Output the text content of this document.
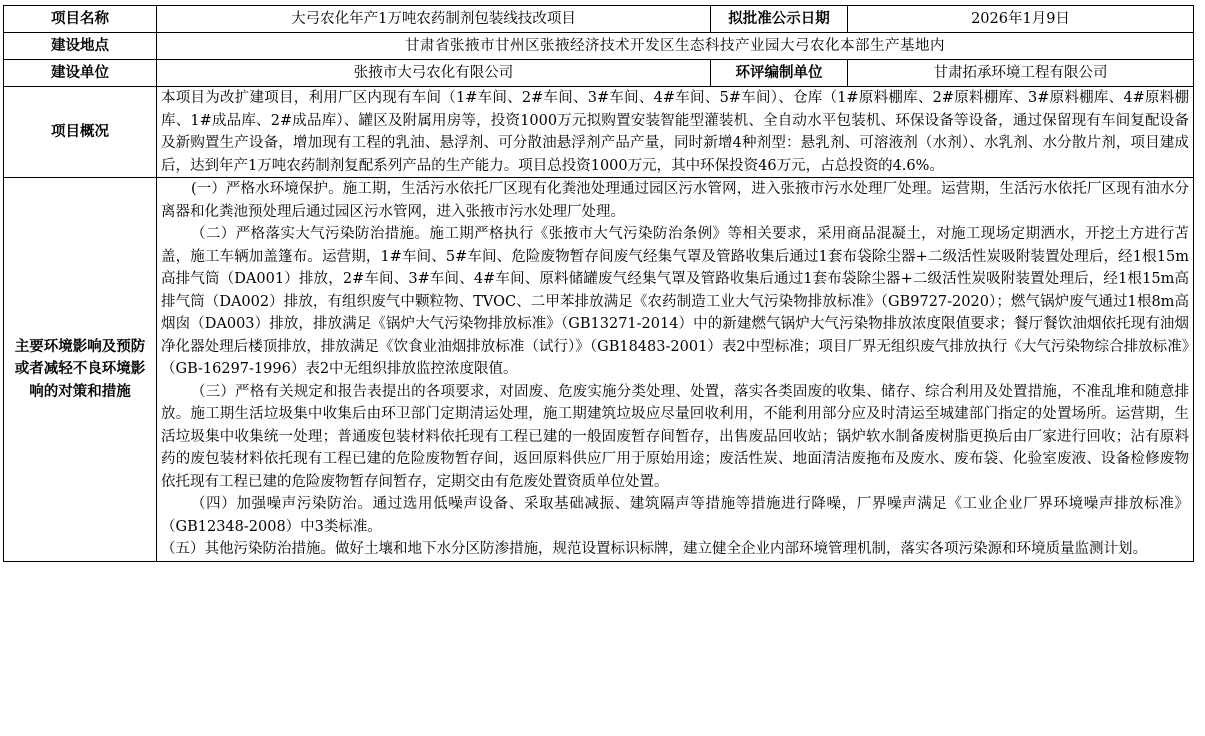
项目名称	大弓农化年产1万吨农药制剂包装线技改项目	拟批准公示日期	2026年1月9日
建设地点	甘肃省张掖市甘州区张掖经济技术开发区生态科技产业园大弓农化本部生产基地内		
建设单位	张掖市大弓农化有限公司	环评编制单位	甘肃拓承环境工程有限公司
项目概况	本项目为改扩建项目，利用厂区内现有车间（1#车间、2#车间、3#车间、4#车间、5#车间）、仓库（1#原料棚库、2#原料棚库、3#原料棚库、4#原料棚库、1#成品库、2#成品库）、罐区及附属用房等，投资1000万元拟购置安装智能型灌装机、全自动水平包装机、环保设备等设备，通过保留现有车间复配设备及新购置生产设备，增加现有工程的乳油、悬浮剂、可分散油悬浮剂产品产量，同时新增4种剂型：悬乳剂、可溶液剂（水剂）、水乳剂、水分散片剂，项目建成后，达到年产1万吨农药制剂复配系列产品的生产能力。项目总投资1000万元，其中环保投资46万元，占总投资的4.6%。		

主要环境影响及预防或者减轻不良环境影响的对策和措施	(一）严格水环境保护。施工期，生活污水依托厂区现有化粪池处理通过园区污水管网，进入张掖市污水处理厂处理。运营期，生活污水依托厂区现有油水分离器和化粪池预处理后通过园区污水管网，进入张掖市污水处理厂处理。

（二）严格落实大气污染防治措施。施工期严格执行《张掖市大气污染防治条例》等相关要求，采用商品混凝土，对施工现场定期洒水，开挖土方进行苫盖，施工车辆加盖篷布。运营期，1#车间、5#车间、危险废物暂存间废气经集气罩及管路收集后通过1套布袋除尘器+二级活性炭吸附装置处理后，经1根15m高排气筒（DA001）排放，2#车间、3#车间、4#车间、原料储罐废气经集气罩及管路收集后通过1套布袋除尘器+二级活性炭吸附装置处理后，经1根15m高排气筒（DA002）排放，有组织废气中颗粒物、TVOC、二甲苯排放满足《农药制造工业大气污染物排放标准》（GB9727-2020）；燃气锅炉废气通过1根8m高烟囱（DA003）排放，排放满足《锅炉大气污染物排放标准》（GB13271-2014）中的新建燃气锅炉大气污染物排放浓度限值要求；餐厅餐饮油烟依托现有油烟净化器处理后楼顶排放，排放满足《饮食业油烟排放标准（试行）》（GB18483-2001）表2中型标准；项目厂界无组织废气排放执行《大气污染物综合排放标准》（GB-16297-1996）表2中无组织排放监控浓度限值。

（三）严格有关规定和报告表提出的各项要求，对固废、危废实施分类处理、处置，落实各类固废的收集、储存、综合利用及处置措施，不准乱堆和随意排放。施工期生活垃圾集中收集后由环卫部门定期清运处理，施工期建筑垃圾应尽量回收利用，不能利用部分应及时清运至城建部门指定的处置场所。运营期，生活垃圾集中收集统一处理；普通废包装材料依托现有工程已建的一般固废暂存间暂存，出售废品回收站；锅炉软水制备废树脂更换后由厂家进行回收；沾有原料药的废包装材料依托现有工程已建的危险废物暂存间，返回原料供应厂用于原始用途；废活性炭、地面清洁废拖布及废水、废布袋、化验室废液、设备检修废物依托现有工程已建的危险废物暂存间暂存，定期交由有危废处置资质单位处置。

（四）加强噪声污染防治。通过选用低噪声设备、采取基础减振、建筑隔声等措施等措施进行降噪，厂界噪声满足《工业企业厂界环境噪声排放标准》（GB12348-2008）中3类标准。

（五）其他污染防治措施。做好土壤和地下水分区防渗措施，规范设置标识标牌，建立健全企业内部环境管理机制，落实各项污染源和环境质量监测计划。		
